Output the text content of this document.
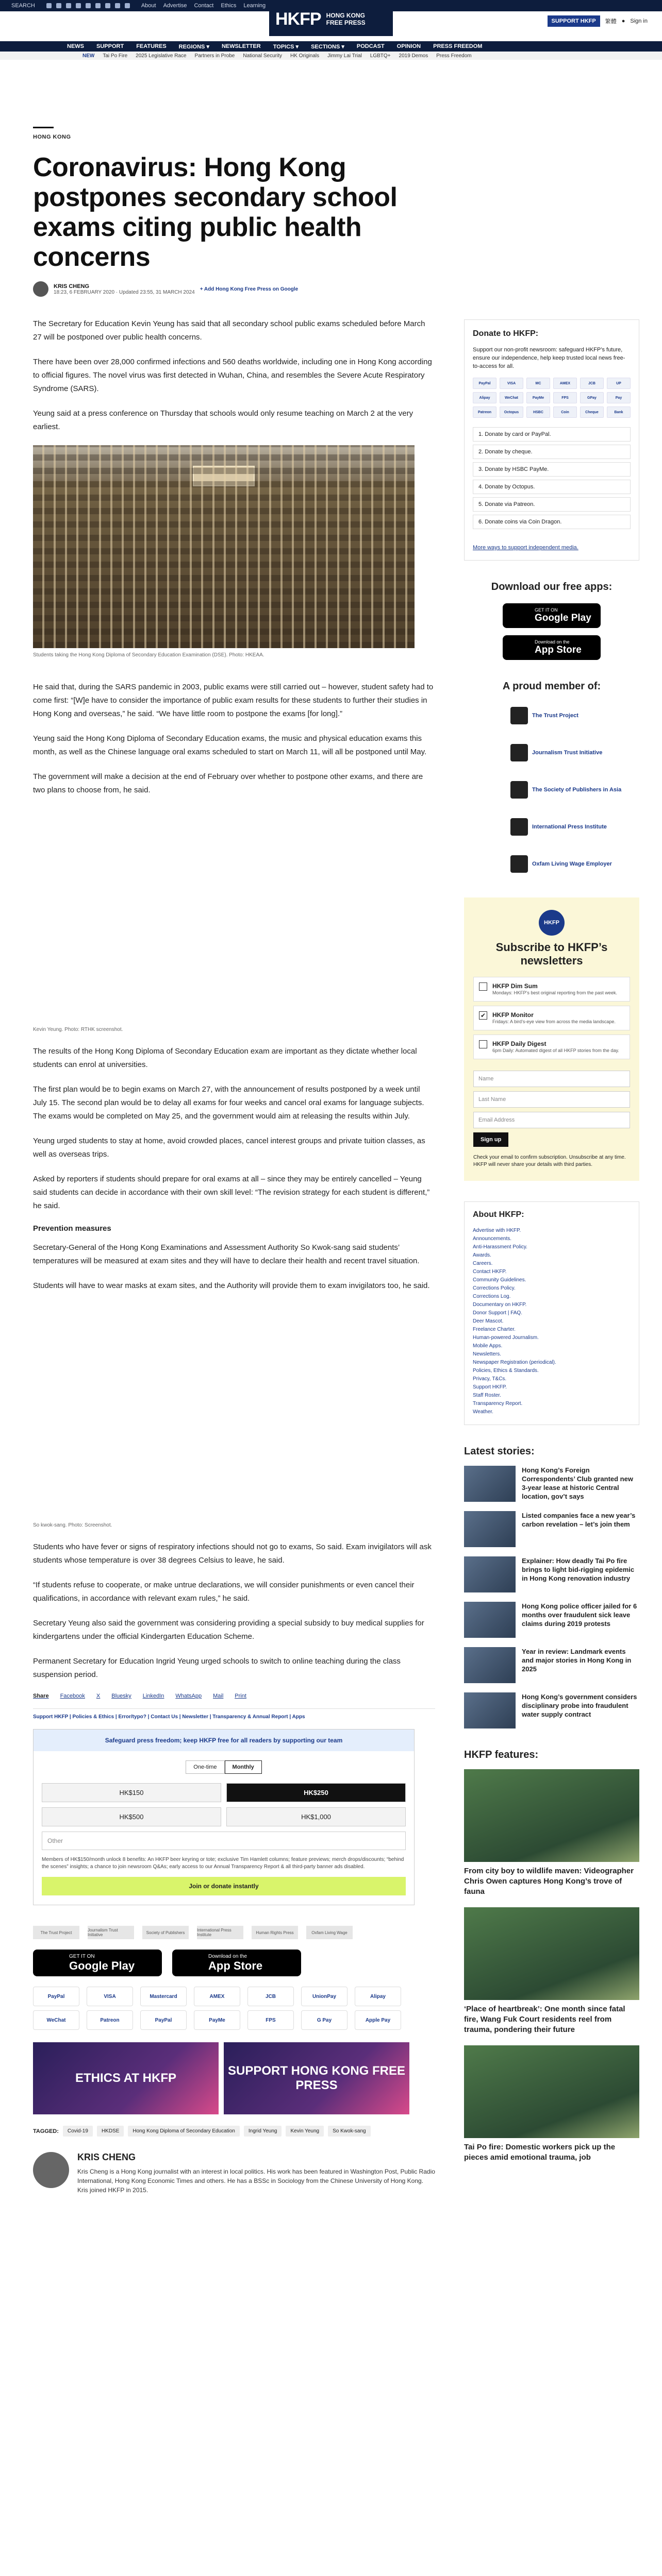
SEARCH	About Advertise Contact Ethics Learning
HKFP HONG KONG
FREE PRESS	SUPPORT HKFP	繁體 ● Sign in
NEWS SUPPORT FEATURES REGIONS ▾ NEWSLETTER TOPICS ▾ SECTIONS ▾ PODCAST OPINION PRESS FREEDOM
NEW Tai Po Fire 2025 Legislative Race Partners in Probe National Security HK Originals Jimmy Lai Trial LGBTQ+ 2019 Demos Press Freedom
HONG KONG
Coronavirus: Hong Kong postpones secondary school exams citing public health concerns
KRIS CHENG
18:23, 6 FEBRUARY 2020 · Updated 23:55, 31 MARCH 2024
+ Add Hong Kong Free Press on Google

The Secretary for Education Kevin Yeung has said that all secondary school public exams scheduled before March 27 will be postponed over public health concerns.

There have been over 28,000 confirmed infections and 560 deaths worldwide, including one in Hong Kong according to official figures. The novel virus was first detected in Wuhan, China, and resembles the Severe Acute Respiratory Syndrome (SARS).

Yeung said at a press conference on Thursday that schools would only resume teaching on March 2 at the very earliest.

Students taking the Hong Kong Diploma of Secondary Education Examination (DSE). Photo: HKEAA.

He said that, during the SARS pandemic in 2003, public exams were still carried out – however, student safety had to come first: “[W]e have to consider the importance of public exam results for these students to further their studies in Hong Kong and overseas,” he said. “We have little room to postpone the exams [for long].”

Yeung said the Hong Kong Diploma of Secondary Education exams, the music and physical education exams this month, as well as the Chinese language oral exams scheduled to start on March 11, will all be postponed until May.

The government will make a decision at the end of February over whether to postpone other exams, and there are two plans to choose from, he said.

Kevin Yeung. Photo: RTHK screenshot.

The results of the Hong Kong Diploma of Secondary Education exam are important as they dictate whether local students can enrol at universities.

The first plan would be to begin exams on March 27, with the announcement of results postponed by a week until July 15. The second plan would be to delay all exams for four weeks and cancel oral exams for language subjects. The exams would be completed on May 25, and the government would aim at releasing the results within July.

Yeung urged students to stay at home, avoid crowded places, cancel interest groups and private tuition classes, as well as overseas trips.

Asked by reporters if students should prepare for oral exams at all – since they may be entirely cancelled – Yeung said students can decide in accordance with their own skill level: “The revision strategy for each student is different,” he said.

Prevention measures

Secretary-General of the Hong Kong Examinations and Assessment Authority So Kwok-sang said students’ temperatures will be measured at exam sites and they will have to declare their health and recent travel situation.

Students will have to wear masks at exam sites, and the Authority will provide them to exam invigilators too, he said.

So kwok-sang. Photo: Screenshot.

Students who have fever or signs of respiratory infections should not go to exams, So said. Exam invigilators will ask students whose temperature is over 38 degrees Celsius to leave, he said.

“If students refuse to cooperate, or make untrue declarations, we will consider punishments or even cancel their qualifications, in accordance with relevant exam rules,” he said.

Secretary Yeung also said the government was considering providing a special subsidy to buy medical supplies for kindergartens under the official Kindergarten Education Scheme.

Permanent Secretary for Education Ingrid Yeung urged schools to switch to online teaching during the class suspension period.

Share Facebook X Bluesky LinkedIn WhatsApp Mail Print
Support HKFP | Policies & Ethics | Error/typo? | Contact Us | Newsletter | Transparency & Annual Report | Apps
Safeguard press freedom; keep HKFP free for all readers by supporting our team
One-time	Monthly
HK$150	HK$250
HK$500	HK$1,000
Other
Members of HK$150/month unlock 8 benefits: An HKFP beer keyring or tote; exclusive Tim Hamlett columns; feature previews; merch drops/discounts; “behind the scenes” insights; a chance to join newsroom Q&As; early access to our Annual Transparency Report & all third-party banner ads disabled.
Join or donate instantly
The Trust Project	Journalism Trust Initiative	Society of Publishers	International Press Institute	Human Rights Press	Oxfam Living Wage
GET IT ON
Google Play
Download on the
App Store
PayPal	VISA	Mastercard	AMEX	JCB	UnionPay	Alipay
WeChat	Patreon	PayPal	PayMe	FPS	G Pay	Apple Pay
ETHICS AT HKFP
SUPPORT HONG KONG FREE PRESS
TAGGED:	Covid-19	HKDSE	Hong Kong Diploma of Secondary Education	Ingrid Yeung	Kevin Yeung	So Kwok-sang
KRIS CHENG
Kris Cheng is a Hong Kong journalist with an interest in local politics. His work has been featured in Washington Post, Public Radio International, Hong Kong Economic Times and others. He has a BSSc in Sociology from the Chinese University of Hong Kong. Kris joined HKFP in 2015.
Donate to HKFP:

Support our non-profit newsroom: safeguard HKFP’s future, ensure our independence, help keep trusted local news free-to-access for all.

PayPal	VISA	MC	AMEX	JCB	UP
Alipay	WeChat	PayMe	FPS	GPay	Pay
Patreon	Octopus	HSBC	Coin	Cheque	Bank
1. Donate by card or PayPal.
2. Donate by cheque.
3. Donate by HSBC PayMe.
4. Donate by Octopus.
5. Donate via Patreon.
6. Donate coins via Coin Dragon.
More ways to support independent media.
Download our free apps:
GET IT ON
Google Play
Download on the
App Store
A proud member of:
The Trust Project
Journalism Trust Initiative
The Society of Publishers in Asia
International Press Institute
Oxfam Living Wage Employer
HKFP
Subscribe to HKFP’s newsletters
HKFP Dim Sum
Mondays: HKFP’s best original reporting from the past week.
✔ HKFP Monitor
Fridays: A bird’s-eye view from across the media landscape.
HKFP Daily Digest
6pm Daily: Automated digest of all HKFP stories from the day.
Name
Last Name
Email Address
Sign up
Check your email to confirm subscription. Unsubscribe at any time. HKFP will never share your details with third parties.
About HKFP:
Advertise with HKFP.
Announcements.
Anti-Harassment Policy.
Awards.
Careers.
Contact HKFP.
Community Guidelines.
Corrections Policy.
Corrections Log.
Documentary on HKFP.
Donor Support | FAQ.
Deer Mascot.
Freelance Charter.
Human-powered Journalism.
Mobile Apps.
Newsletters.
Newspaper Registration (periodical).
Policies, Ethics & Standards.
Privacy, T&Cs.
Support HKFP.
Staff Roster.
Transparency Report.
Weather.
Latest stories:
Hong Kong’s Foreign Correspondents’ Club granted new 3-year lease at historic Central location, gov’t says
Listed companies face a new year’s carbon revelation – let’s join them
Explainer: How deadly Tai Po fire brings to light bid-rigging epidemic in Hong Kong renovation industry
Hong Kong police officer jailed for 6 months over fraudulent sick leave claims during 2019 protests
Year in review: Landmark events and major stories in Hong Kong in 2025
Hong Kong’s government considers disciplinary probe into fraudulent water supply contract
HKFP features:
From city boy to wildlife maven: Videographer Chris Owen captures Hong Kong’s trove of fauna
‘Place of heartbreak’: One month since fatal fire, Wang Fuk Court residents reel from trauma, pondering their future
Tai Po fire: Domestic workers pick up the pieces amid emotional trauma, job
